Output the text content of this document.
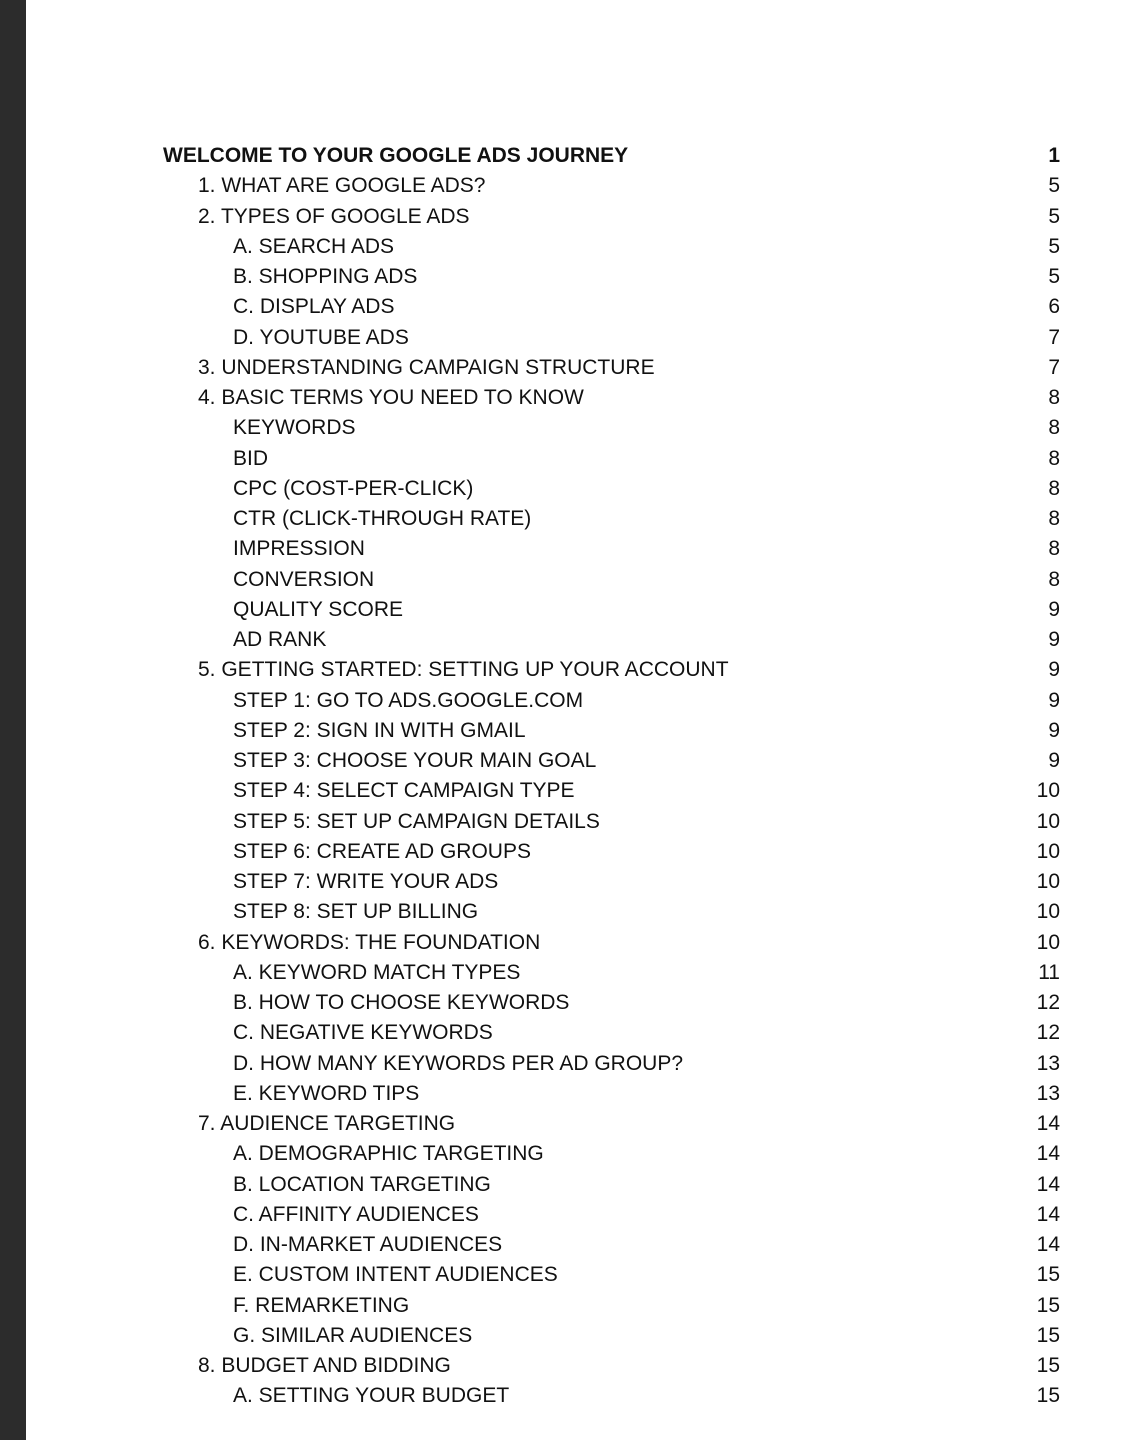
WELCOME TO YOUR GOOGLE ADS JOURNEY	1
1. WHAT ARE GOOGLE ADS?	5
2. TYPES OF GOOGLE ADS	5
A. SEARCH ADS	5
B. SHOPPING ADS	5
C. DISPLAY ADS	6
D. YOUTUBE ADS	7
3. UNDERSTANDING CAMPAIGN STRUCTURE	7
4. BASIC TERMS YOU NEED TO KNOW	8
KEYWORDS	8
BID	8
CPC (COST-PER-CLICK)	8
CTR (CLICK-THROUGH RATE)	8
IMPRESSION	8
CONVERSION	8
QUALITY SCORE	9
AD RANK	9
5. GETTING STARTED: SETTING UP YOUR ACCOUNT	9
STEP 1: GO TO ADS.GOOGLE.COM	9
STEP 2: SIGN IN WITH GMAIL	9
STEP 3: CHOOSE YOUR MAIN GOAL	9
STEP 4: SELECT CAMPAIGN TYPE	10
STEP 5: SET UP CAMPAIGN DETAILS	10
STEP 6: CREATE AD GROUPS	10
STEP 7: WRITE YOUR ADS	10
STEP 8: SET UP BILLING	10
6. KEYWORDS: THE FOUNDATION	10
A. KEYWORD MATCH TYPES	11
B. HOW TO CHOOSE KEYWORDS	12
C. NEGATIVE KEYWORDS	12
D. HOW MANY KEYWORDS PER AD GROUP?	13
E. KEYWORD TIPS	13
7. AUDIENCE TARGETING	14
A. DEMOGRAPHIC TARGETING	14
B. LOCATION TARGETING	14
C. AFFINITY AUDIENCES	14
D. IN-MARKET AUDIENCES	14
E. CUSTOM INTENT AUDIENCES	15
F. REMARKETING	15
G. SIMILAR AUDIENCES	15
8. BUDGET AND BIDDING	15
A. SETTING YOUR BUDGET	15
